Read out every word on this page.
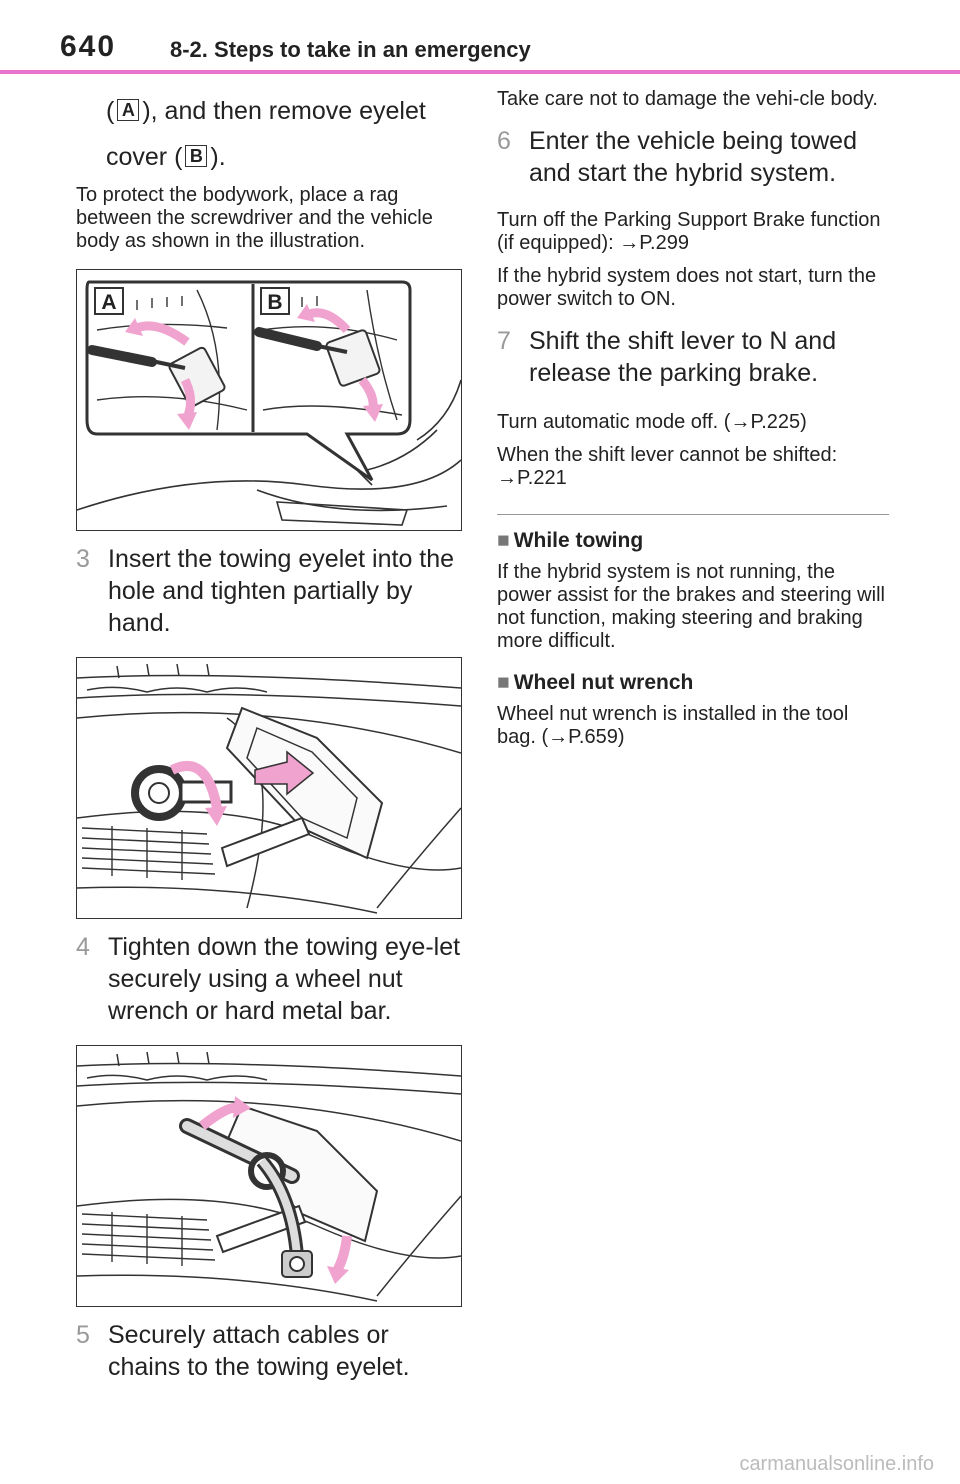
640 8-2. Steps to take in an emergency
( A ), and then remove eyelet
cover ( B ).

To protect the bodywork, place a rag between the screwdriver and the vehicle body as shown in the illustration.

A	B
3 Insert the towing eyelet into the hole and tighten partially by hand.
4 Tighten down the towing eye-let securely using a wheel nut wrench or hard metal bar.
5 Securely attach cables or chains to the towing eyelet.

Take care not to damage the vehi-cle body.

6 Enter the vehicle being towed and start the hybrid system.

Turn off the Parking Support Brake function (if equipped): →P.299

If the hybrid system does not start, turn the power switch to ON.

7 Shift the shift lever to N and release the parking brake.

Turn automatic mode off. (→P.225)

When the shift lever cannot be shifted: →P.221

■ While towing

If the hybrid system is not running, the power assist for the brakes and steering will not function, making steering and braking more difficult.

■ Wheel nut wrench

Wheel nut wrench is installed in the tool bag. (→P.659)

carmanualsonline.info
